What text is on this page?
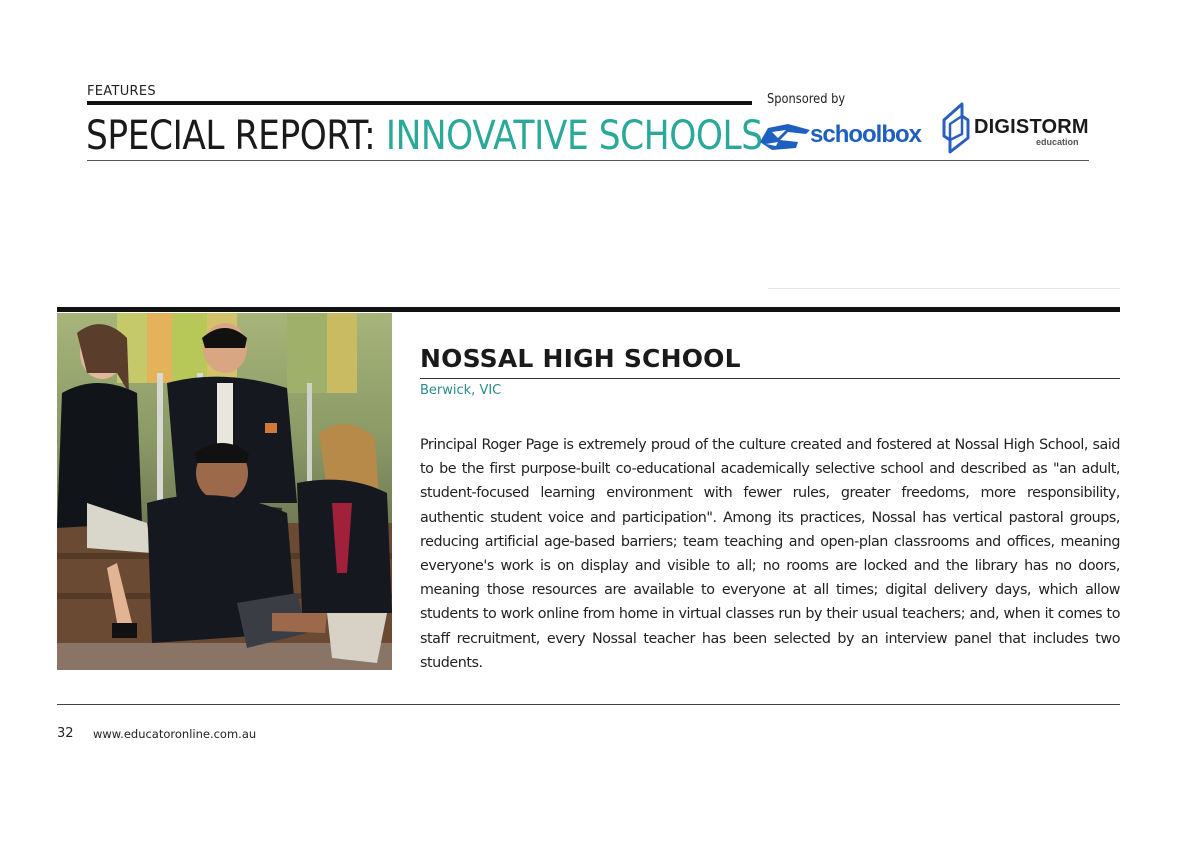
FEATURES
SPECIAL REPORT: INNOVATIVE SCHOOLS
Sponsored by
schoolbox	DIGISTORM
education
NOSSAL HIGH SCHOOL
Berwick, VIC
Principal Roger Page is extremely proud of the culture created and fostered at Nossal High School, said to be the first purpose-built co-educational academically selective school and described as "an adult, student-focused learning environment with fewer rules, greater freedoms, more responsibility, authentic student voice and participation". Among its practices, Nossal has vertical pastoral groups, reducing artificial age-based barriers; team teaching and open-plan classrooms and offices, meaning everyone's work is on display and visible to all; no rooms are locked and the library has no doors, meaning those resources are available to everyone at all times; digital delivery days, which allow students to work online from home in virtual classes run by their usual teachers; and, when it comes to staff recruitment, every Nossal teacher has been selected by an interview panel that includes two students.
32 www.educatoronline.com.au
